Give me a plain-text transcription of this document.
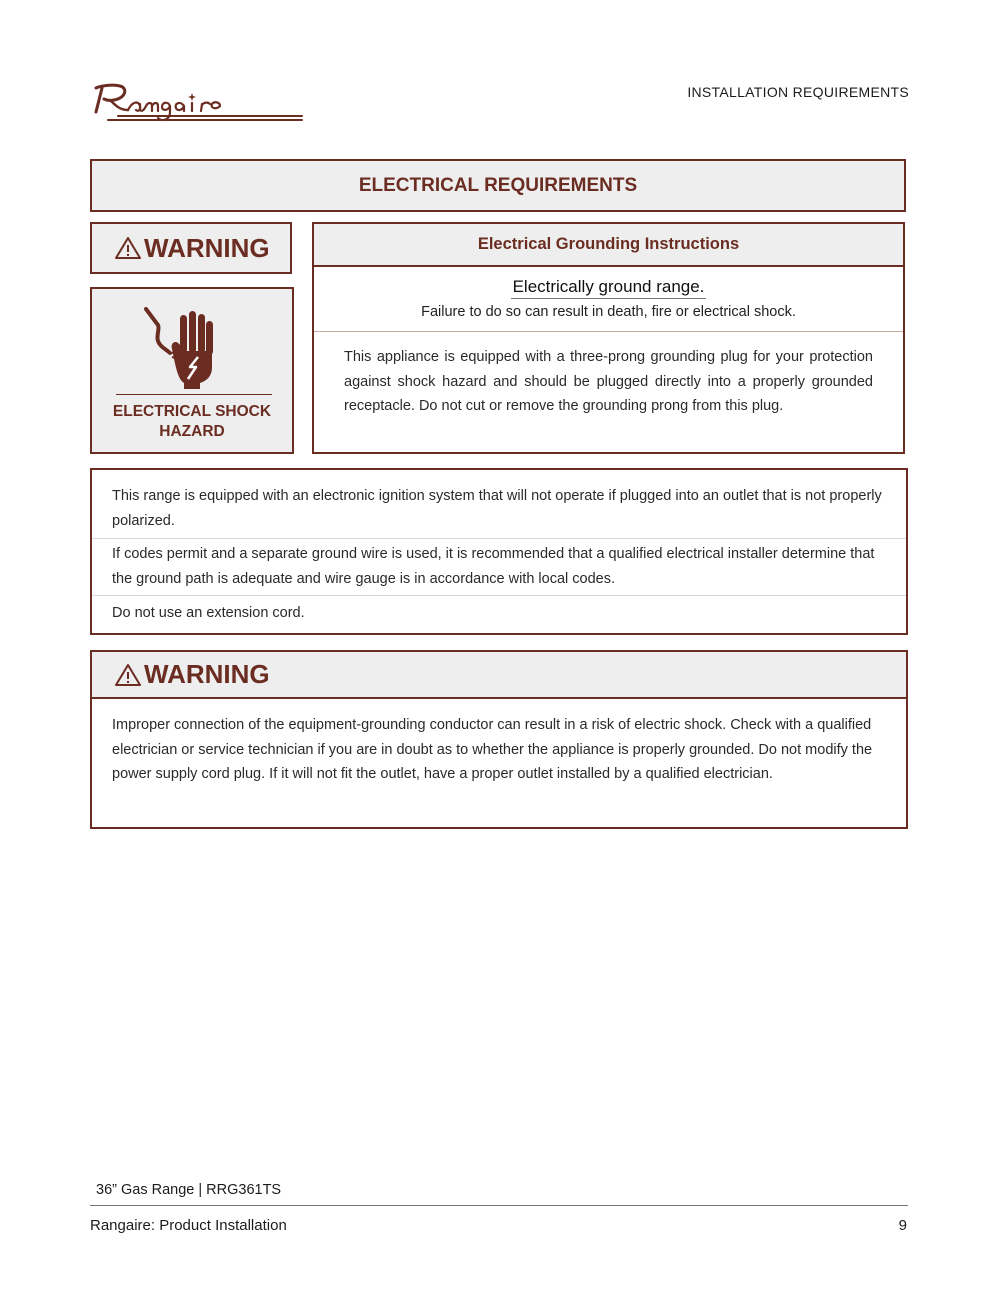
INSTALLATION REQUIREMENTS
ELECTRICAL REQUIREMENTS
WARNING
ELECTRICAL SHOCK HAZARD
Electrical Grounding Instructions
Electrically ground range.
Failure to do so can result in death, fire or electrical shock.
This appliance is equipped with a three-prong grounding plug for your protection against shock hazard and should be plugged directly into a properly grounded receptacle. Do not cut or remove the grounding prong from this plug.
This range is equipped with an electronic ignition system that will not operate if plugged into an outlet that is not properly polarized.
If codes permit and a separate ground wire is used, it is recommended that a qualified electrical installer determine that the ground path is adequate and wire gauge is in accordance with local codes.
Do not use an extension cord.
WARNING
Improper connection of the equipment-grounding conductor can result in a risk of electric shock. Check with a qualified electrician or service technician if you are in doubt as to whether the appliance is properly grounded. Do not modify the power supply cord plug. If it will not fit the outlet, have a proper outlet installed by a qualified electrician.
36” Gas Range | RRG361TS
Rangaire: Product Installation	9
